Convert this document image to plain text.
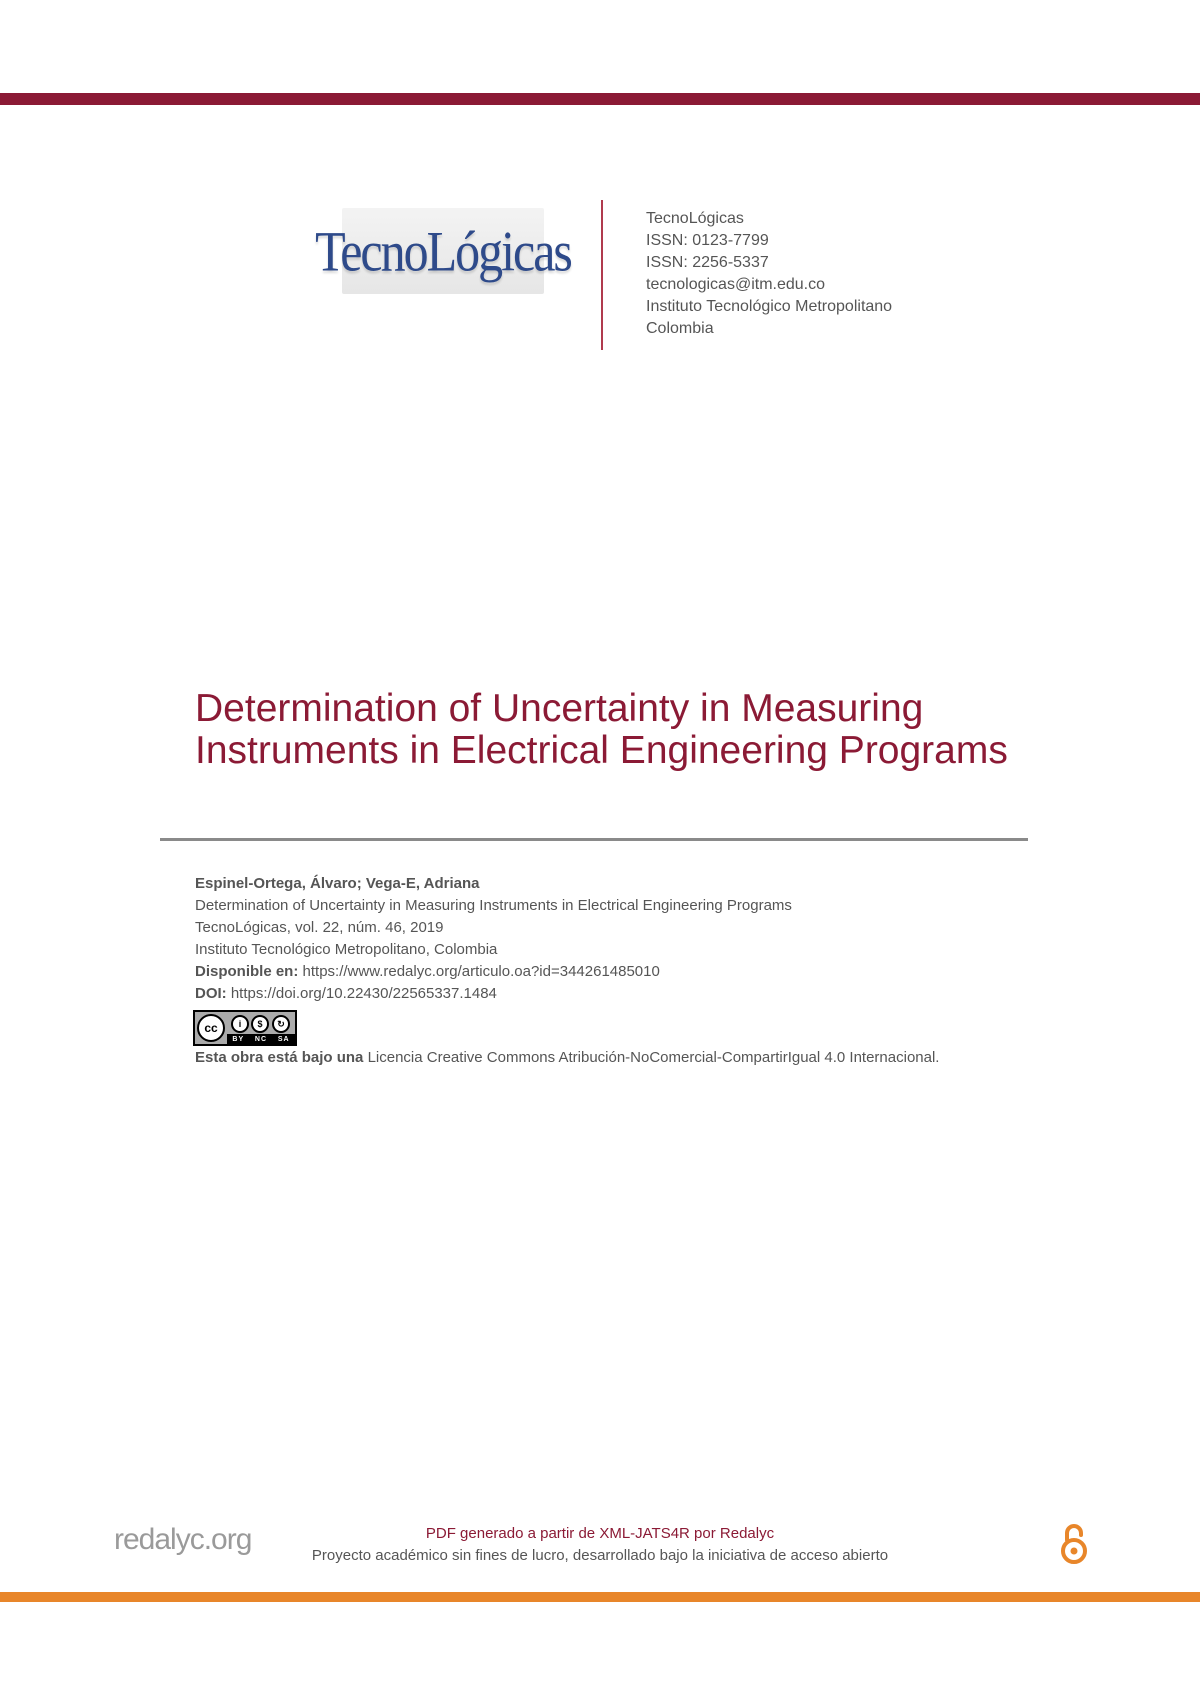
TecnoLógicas
TecnoLógicas
ISSN: 0123-7799
ISSN: 2256-5337
tecnologicas@itm.edu.co
Instituto Tecnológico Metropolitano
Colombia
Determination of Uncertainty in Measuring Instruments in Electrical Engineering Programs
Espinel-Ortega, Álvaro; Vega-E, Adriana
Determination of Uncertainty in Measuring Instruments in Electrical Engineering Programs
TecnoLógicas, vol. 22, núm. 46, 2019
Instituto Tecnológico Metropolitano, Colombia
Disponible en: https://www.redalyc.org/articulo.oa?id=344261485010
DOI: https://doi.org/10.22430/22565337.1484
cc	i	$	↻
BY NC SA
Esta obra está bajo una Licencia Creative Commons Atribución-NoComercial-CompartirIgual 4.0 Internacional.
redalyc.org	PDF generado a partir de XML-JATS4R por Redalyc
Proyecto académico sin fines de lucro, desarrollado bajo la iniciativa de acceso abierto
